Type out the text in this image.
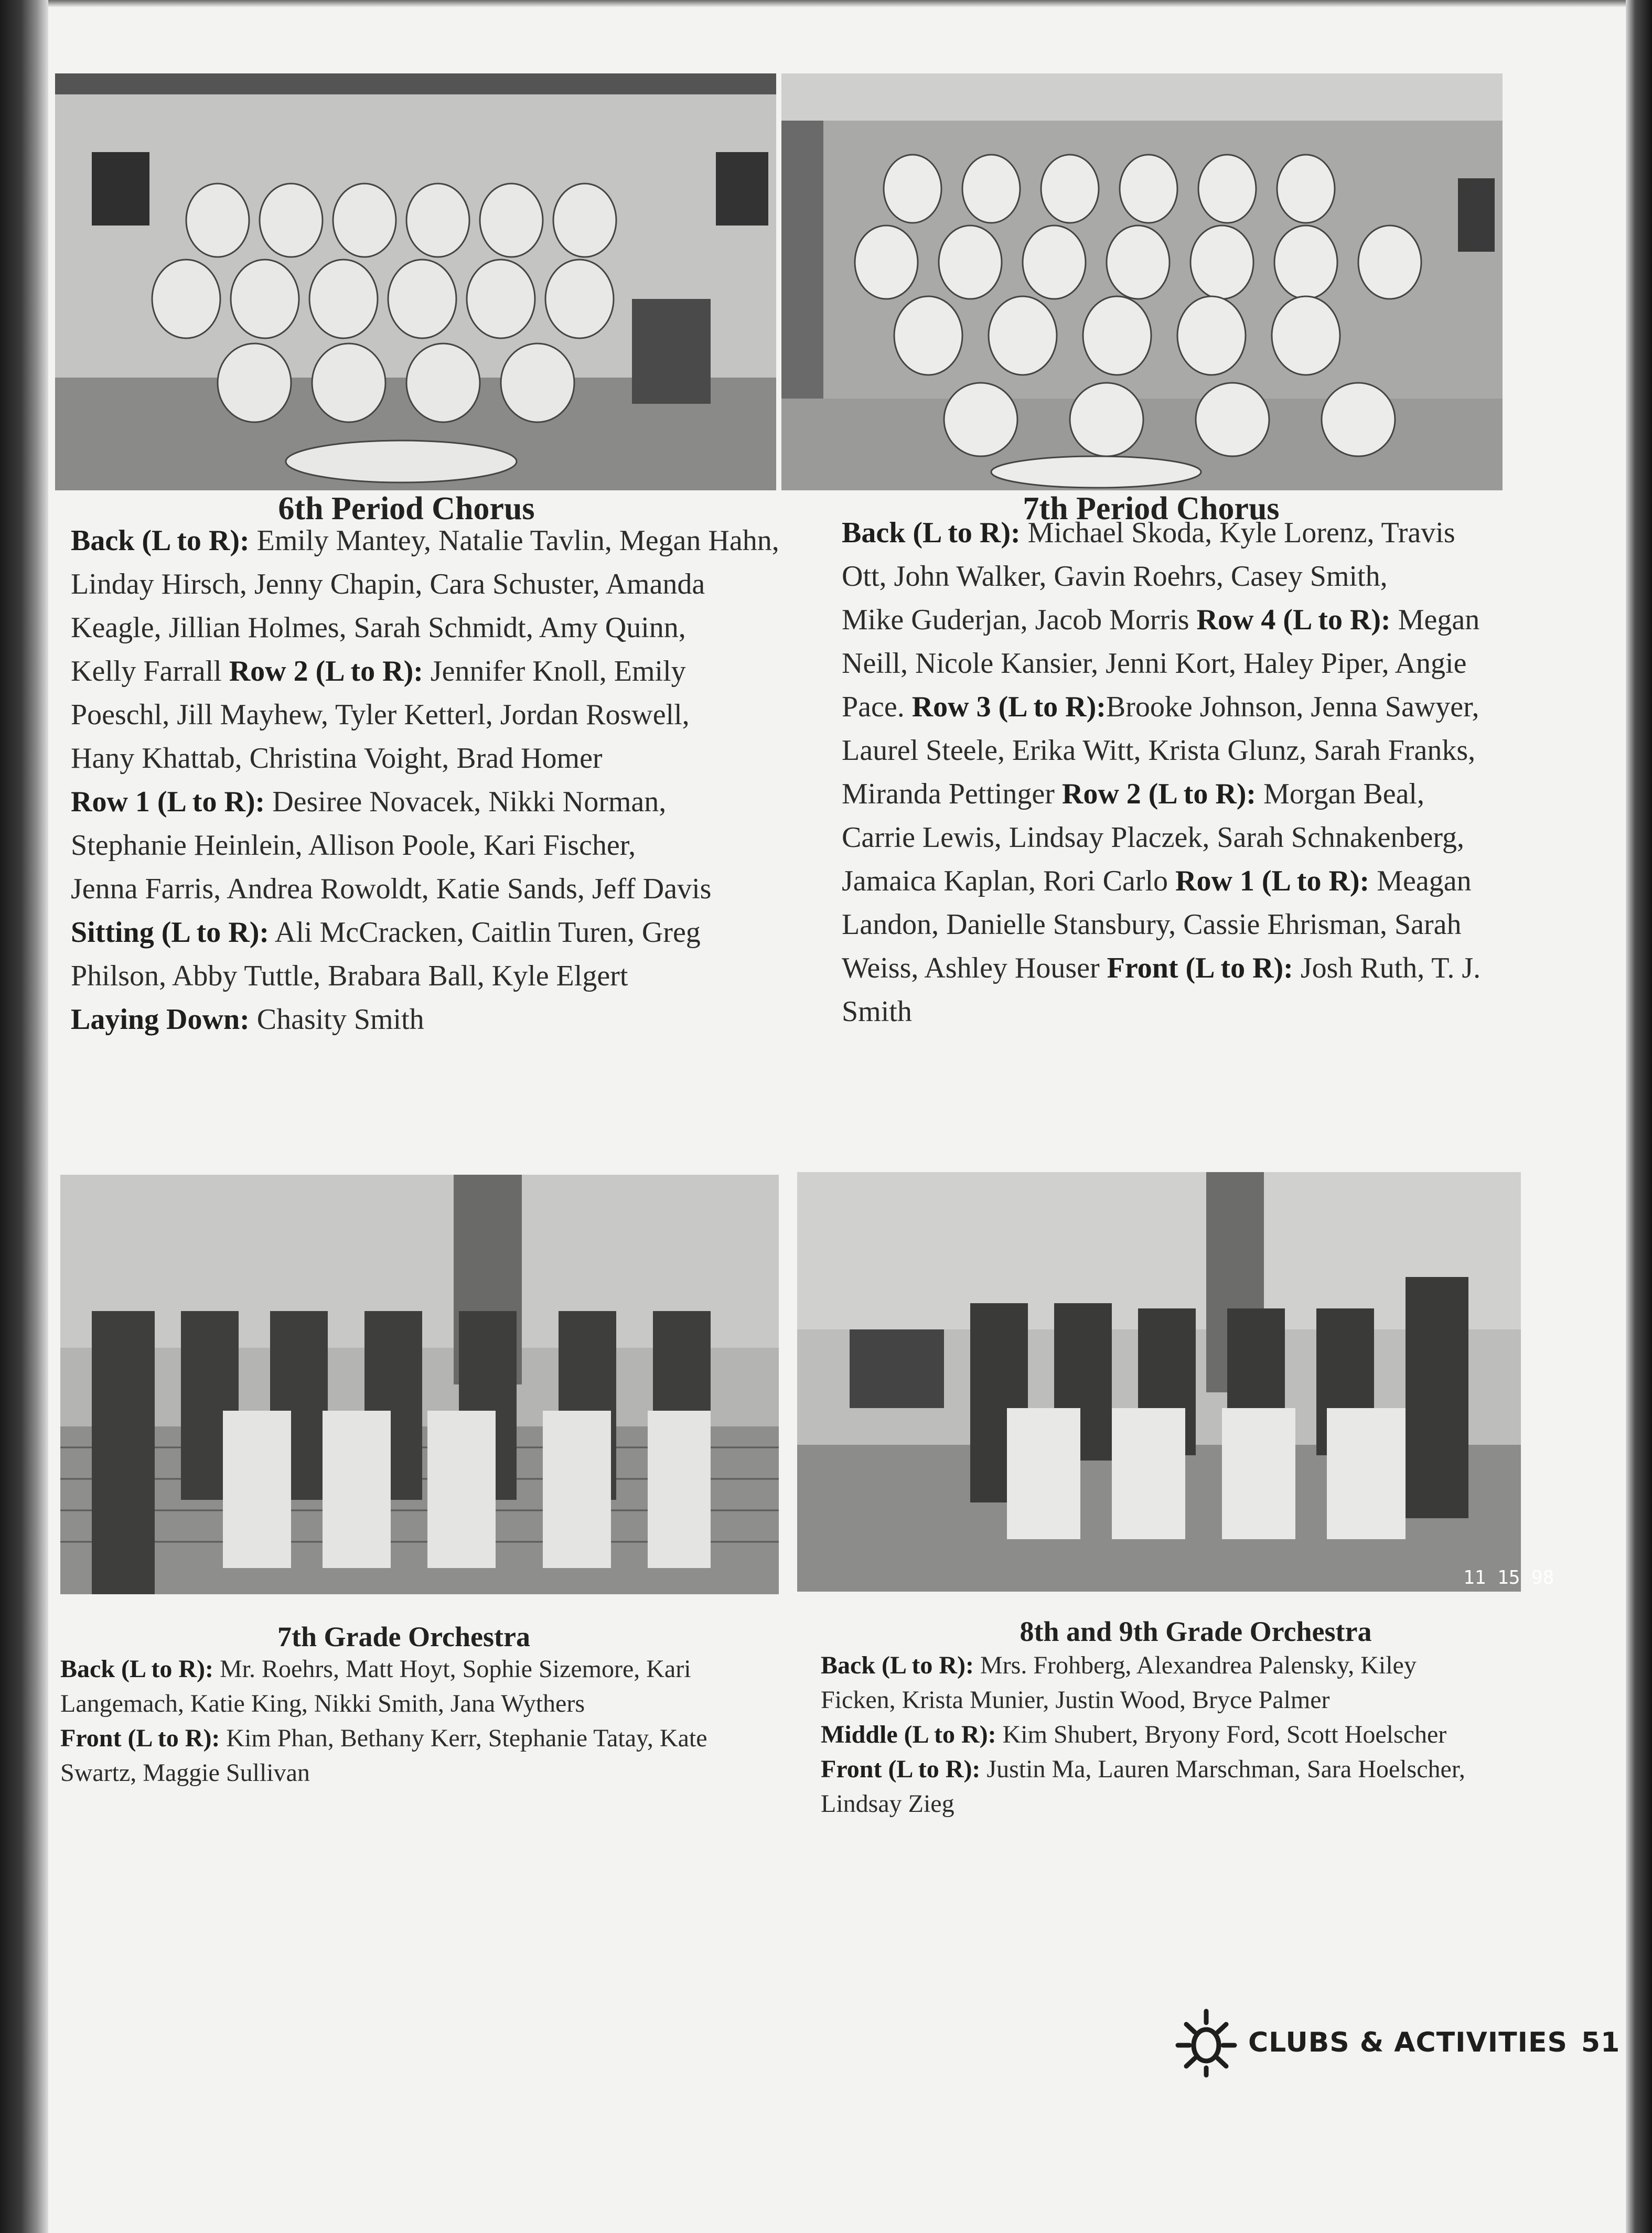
6th Period Chorus
Back (L to R): Emily Mantey, Natalie Tavlin, Megan Hahn,
Linday Hirsch, Jenny Chapin, Cara Schuster, Amanda
Keagle, Jillian Holmes, Sarah Schmidt, Amy Quinn,
Kelly Farrall Row 2 (L to R): Jennifer Knoll, Emily
Poeschl, Jill Mayhew, Tyler Ketterl, Jordan Roswell,
Hany Khattab, Christina Voight, Brad Homer
Row 1 (L to R): Desiree Novacek, Nikki Norman,
Stephanie Heinlein, Allison Poole, Kari Fischer,
Jenna Farris, Andrea Rowoldt, Katie Sands, Jeff Davis
Sitting (L to R): Ali McCracken, Caitlin Turen, Greg
Philson, Abby Tuttle, Brabara Ball, Kyle Elgert
Laying Down: Chasity Smith
7th Period Chorus
Back (L to R): Michael Skoda, Kyle Lorenz, Travis
Ott, John Walker, Gavin Roehrs, Casey Smith,
Mike Guderjan, Jacob Morris Row 4 (L to R): Megan
Neill, Nicole Kansier, Jenni Kort, Haley Piper, Angie
Pace. Row 3 (L to R):Brooke Johnson, Jenna Sawyer,
Laurel Steele, Erika Witt, Krista Glunz, Sarah Franks,
Miranda Pettinger Row 2 (L to R): Morgan Beal,
Carrie Lewis, Lindsay Placzek, Sarah Schnakenberg,
Jamaica Kaplan, Rori Carlo Row 1 (L to R): Meagan
Landon, Danielle Stansbury, Cassie Ehrisman, Sarah
Weiss, Ashley Houser Front (L to R): Josh Ruth, T. J.
Smith
11 15 98
7th Grade Orchestra
Back (L to R): Mr. Roehrs, Matt Hoyt, Sophie Sizemore, Kari
Langemach, Katie King, Nikki Smith, Jana Wythers
Front (L to R): Kim Phan, Bethany Kerr, Stephanie Tatay, Kate
Swartz, Maggie Sullivan
8th and 9th Grade Orchestra
Back (L to R): Mrs. Frohberg, Alexandrea Palensky, Kiley
Ficken, Krista Munier, Justin Wood, Bryce Palmer
Middle (L to R): Kim Shubert, Bryony Ford, Scott Hoelscher
Front (L to R): Justin Ma, Lauren Marschman, Sara Hoelscher,
Lindsay Zieg
CLUBS & ACTIVITIES 51
